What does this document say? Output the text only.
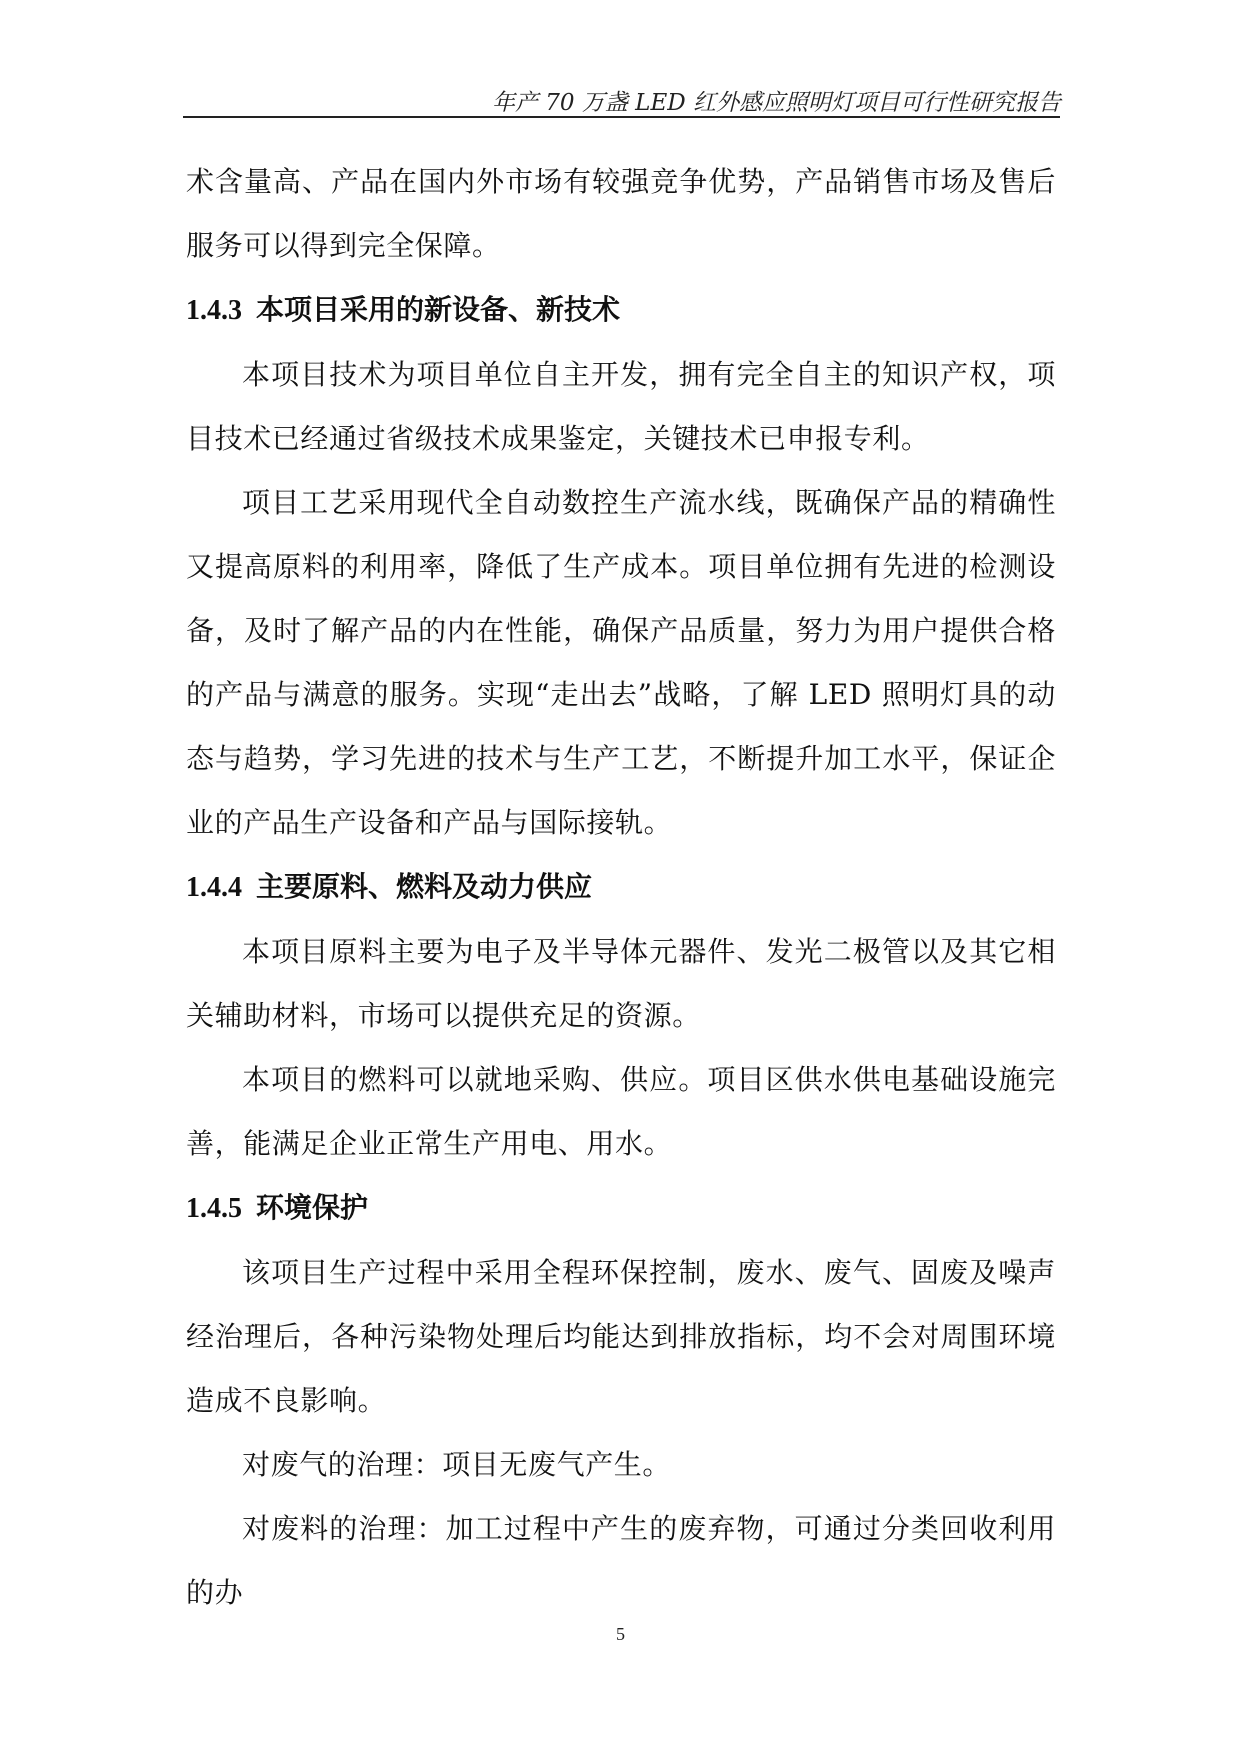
年产 70 万盏 LED 红外感应照明灯项目可行性研究报告

术含量高、产品在国内外市场有较强竞争优势，产品销售市场及售后服务可以得到完全保障。

1.4.3 本项目采用的新设备、新技术

本项目技术为项目单位自主开发，拥有完全自主的知识产权，项目技术已经通过省级技术成果鉴定，关键技术已申报专利。

项目工艺采用现代全自动数控生产流水线，既确保产品的精确性又提高原料的利用率，降低了生产成本。项目单位拥有先进的检测设备，及时了解产品的内在性能，确保产品质量，努力为用户提供合格的产品与满意的服务。实现“走出去”战略，了解 LED 照明灯具的动态与趋势，学习先进的技术与生产工艺，不断提升加工水平，保证企业的产品生产设备和产品与国际接轨。

1.4.4 主要原料、燃料及动力供应

本项目原料主要为电子及半导体元器件、发光二极管以及其它相关辅助材料，市场可以提供充足的资源。

本项目的燃料可以就地采购、供应。项目区供水供电基础设施完善，能满足企业正常生产用电、用水。

1.4.5 环境保护

该项目生产过程中采用全程环保控制，废水、废气、固废及噪声经治理后，各种污染物处理后均能达到排放指标，均不会对周围环境造成不良影响。

对废气的治理：项目无废气产生。

对废料的治理：加工过程中产生的废弃物，可通过分类回收利用的办

5
